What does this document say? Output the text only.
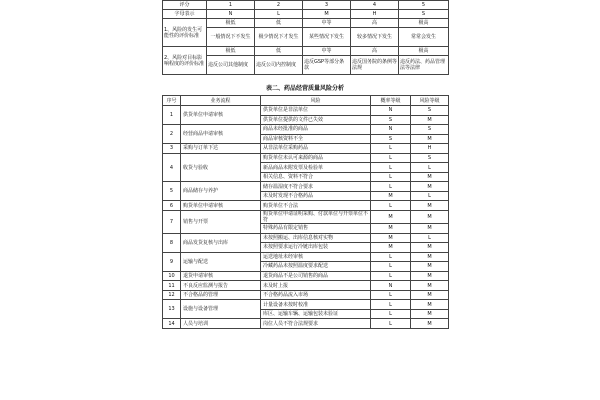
评分	1	2	3	4	5
字母表示	N	L	M	H	S
1、风险的发生可能性的评价标准	极低	低	中等	高	极高
	一般情况下不发生	极少情况下才发生	某些情况下发生	较多情况下发生	常常会发生
2、风险对目标影响程度的评价标准	极低	低	中等	高	极高
	违反公司其他制度	违反公司内控制度	违反GSP等部分条款	违反国务院的条例等法规	违反药法、药品管理法等法律
表二、药品经营质量风险分析
序号	业务流程	风险	概率等级	风险等级
1	供货单位申请审核	供货单位是非法单位	N	S
		供货单位提供的文件已失效	S	M
2	经营商品申请审核	商品未经批准的商品	N	S
		商品审核资料不全	S	M
3	采购与订单下达	从非法单位采购药品	L	H
4	收货与验收	购货单位未认可来源的商品	L	S
		新品商品未附发票及检验单	L	L
		相关信息、资料不符合	L	M
5	商品储存与养护	储存温湿度不符合要求	L	M
		未及时发现不合格药品	M	L
6	购货单位申请审核	购货单位不合法	L	M
7	销售与开票	购货单位申请证明采购、付款单位与开票单位不符	M	M
		特殊药品有限定销售	M	M
8	商品发货复核与出库	未按照搬运、出库信息核对实物	M	L
		未按照要求运行冷链出库包装	M	M
9	运输与配送	运送地址未经审核	L	M
		冷藏药品未按照温度要求配送	L	M
10	退货申请审核	退货商品不是公司销售的商品	L	M
11	不良反应监测与报告	未及时上报	N	M
12	不合格品的管理	不合格药品流入市场	L	M
13	设施与设备管理	计量设备未按时校准	L	M
		库区、运输车辆、运输包装未验证	L	M
14	人员与培训	岗位人员不符合法规要求	L	M
